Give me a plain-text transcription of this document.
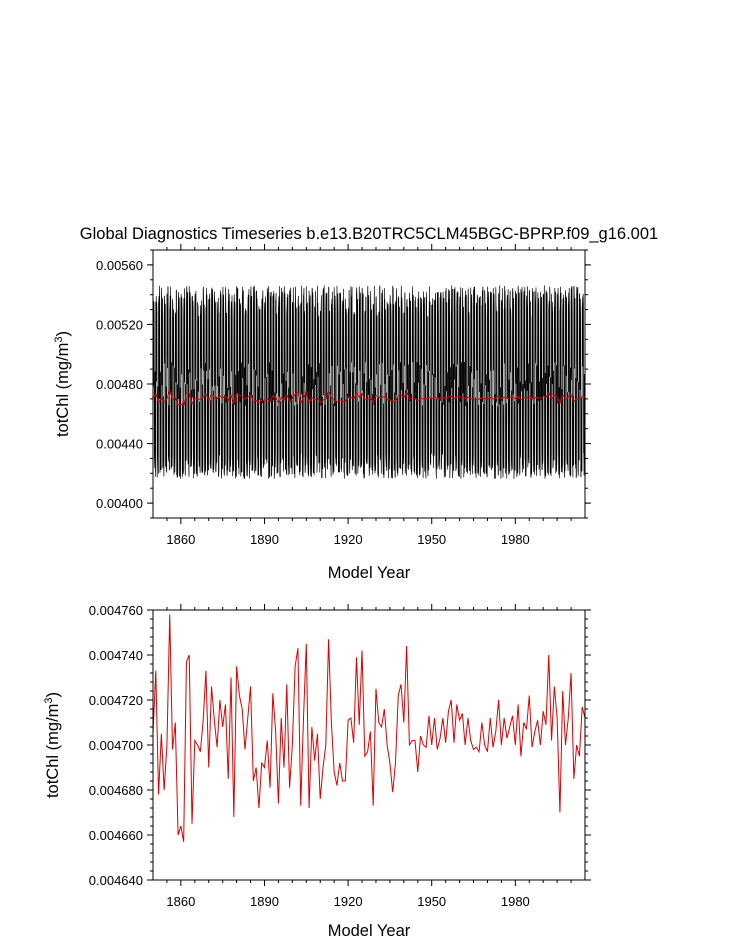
Global Diagnostics Timeseries b.e13.B20TRC5CLM45BGC-BPRP.f09_g16.001
1860	1890	1920	1950	1980
0.00400
0.00440
0.00480
0.00520
0.00560
Model Year
totChl $(mg/m^3)$
1860	1890	1920	1950	1980
0.004640
0.004660
0.004680
0.004700
0.004720
0.004740
0.004760
Model Year
totChl $(mg/m^3)$
